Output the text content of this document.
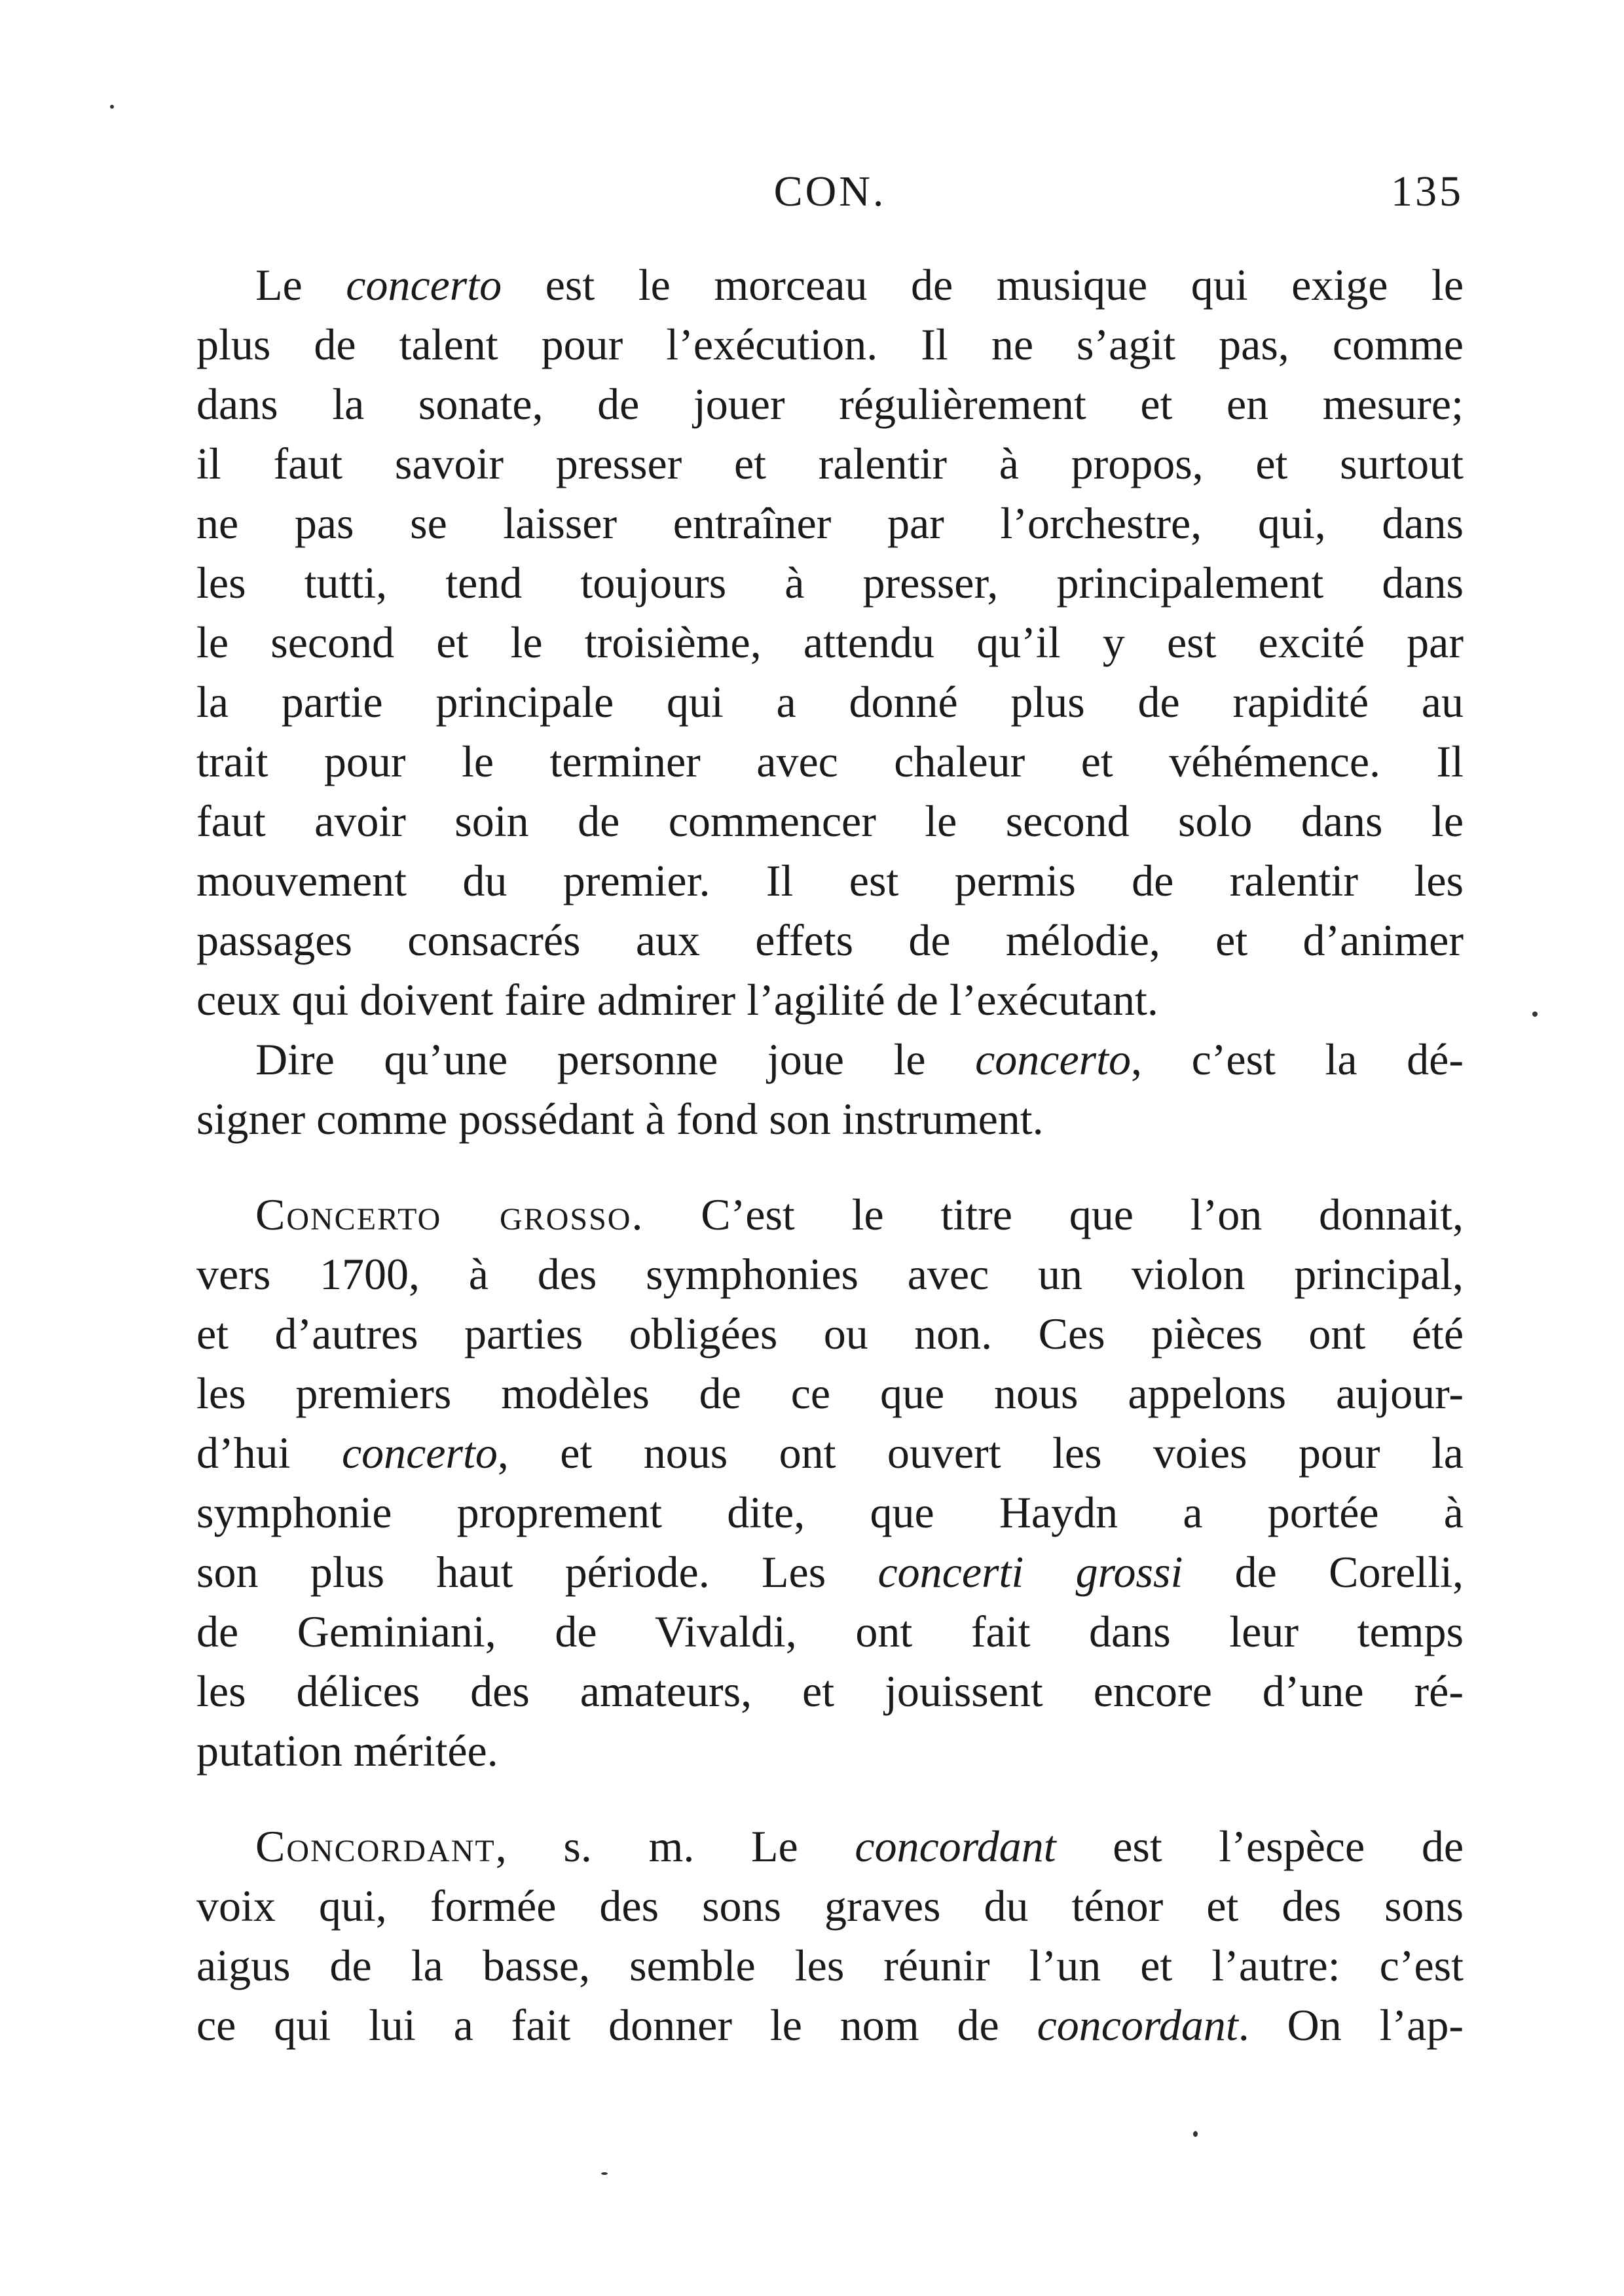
CON.	135
Le concerto est le morceau de musique qui exige le
plus de talent pour l’exécution. Il ne s’agit pas, comme
dans la sonate, de jouer régulièrement et en mesure;
il faut savoir presser et ralentir à propos, et surtout
ne pas se laisser entraîner par l’orchestre, qui, dans
les tutti, tend toujours à presser, principalement dans
le second et le troisième, attendu qu’il y est excité par
la partie principale qui a donné plus de rapidité au
trait pour le terminer avec chaleur et véhémence. Il
faut avoir soin de commencer le second solo dans le
mouvement du premier. Il est permis de ralentir les
passages consacrés aux effets de mélodie, et d’animer
ceux qui doivent faire admirer l’agilité de l’exécutant.
Dire qu’une personne joue le concerto, c’est la dé-
signer comme possédant à fond son instrument.
Concerto grosso. C’est le titre que l’on donnait,
vers 1700, à des symphonies avec un violon principal,
et d’autres parties obligées ou non. Ces pièces ont été
les premiers modèles de ce que nous appelons aujour-
d’hui concerto, et nous ont ouvert les voies pour la
symphonie proprement dite, que Haydn a portée à
son plus haut période. Les concerti grossi de Corelli,
de Geminiani, de Vivaldi, ont fait dans leur temps
les délices des amateurs, et jouissent encore d’une ré-
putation méritée.
Concordant, s. m. Le concordant est l’espèce de
voix qui, formée des sons graves du ténor et des sons
aigus de la basse, semble les réunir l’un et l’autre: c’est
ce qui lui a fait donner le nom de concordant. On l’ap-
